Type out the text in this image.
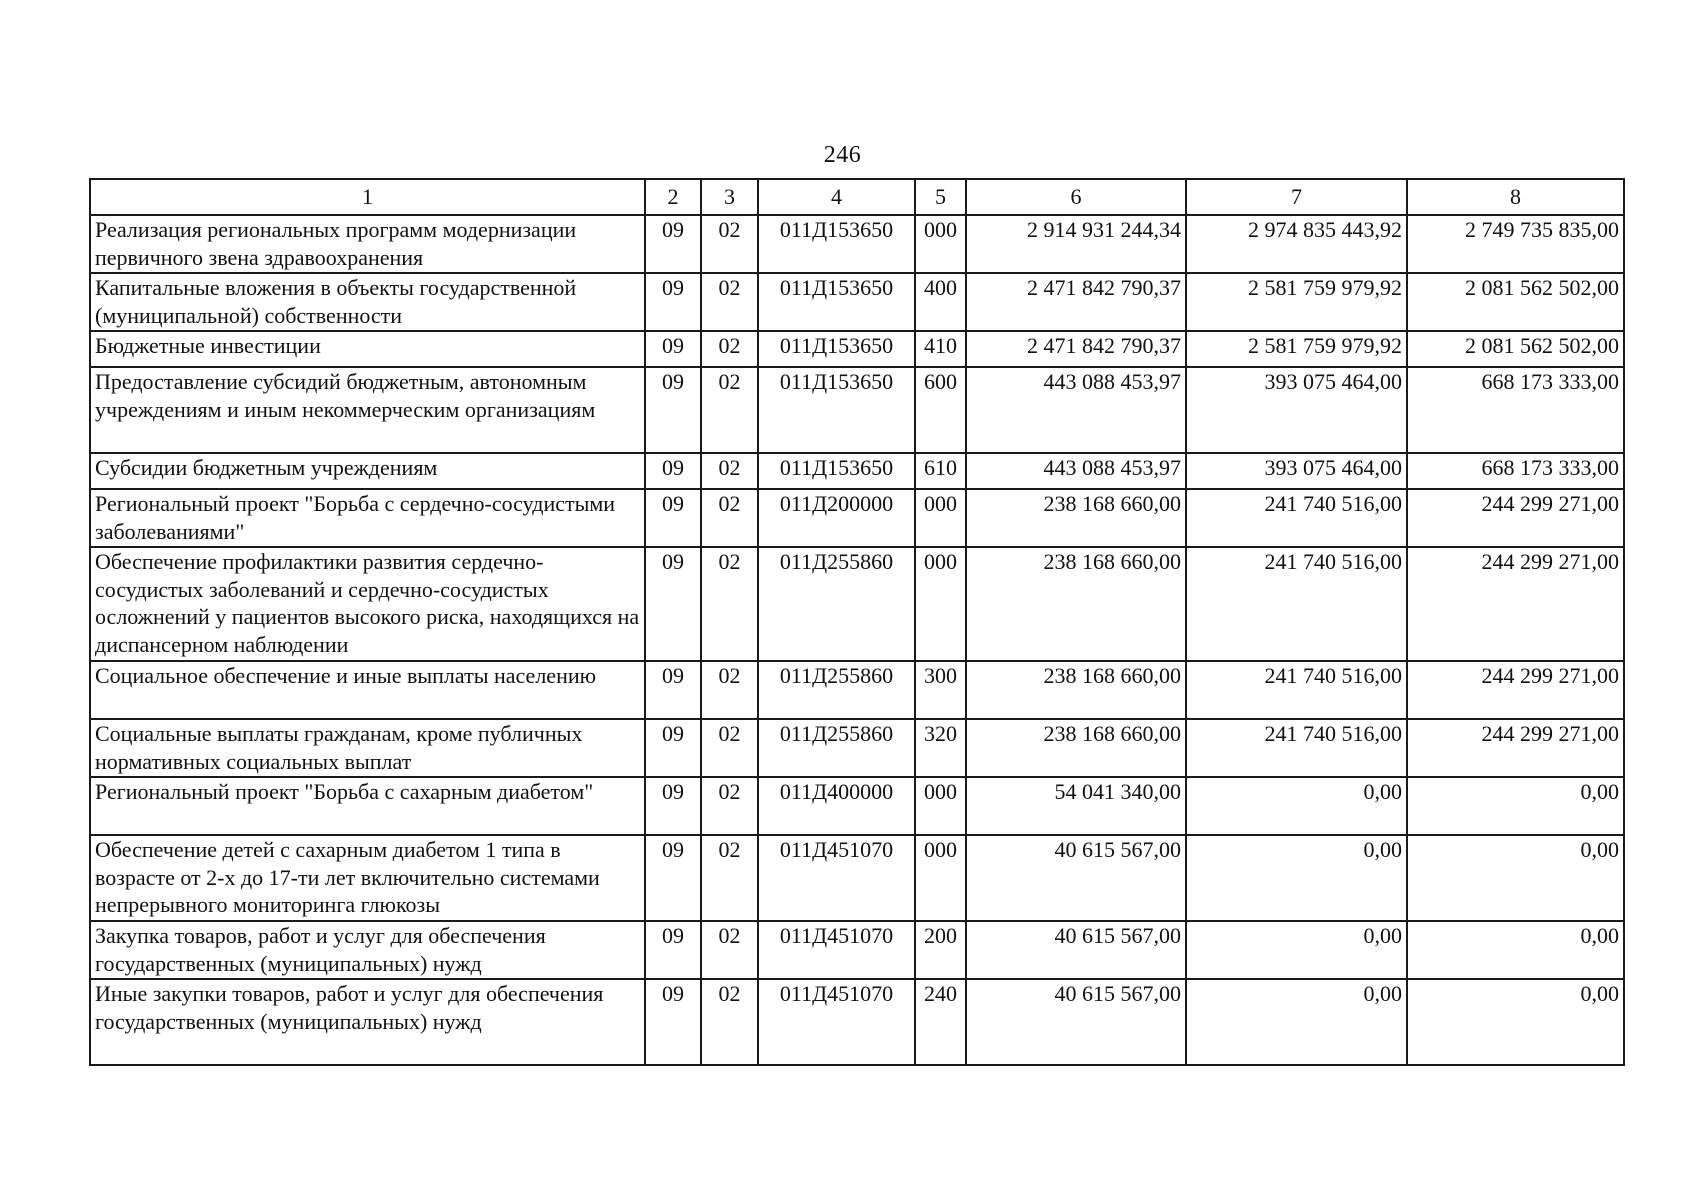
246
1	2	3	4	5	6	7	8
Реализация региональных программ модернизации первичного звена здравоохранения	09	02	011Д153650	000	2 914 931 244,34	2 974 835 443,92	2 749 735 835,00
Капитальные вложения в объекты государственной (муниципальной) собственности	09	02	011Д153650	400	2 471 842 790,37	2 581 759 979,92	2 081 562 502,00
Бюджетные инвестиции	09	02	011Д153650	410	2 471 842 790,37	2 581 759 979,92	2 081 562 502,00
Предоставление субсидий бюджетным, автономным учреждениям и иным некоммерческим организациям	09	02	011Д153650	600	443 088 453,97	393 075 464,00	668 173 333,00
Субсидии бюджетным учреждениям	09	02	011Д153650	610	443 088 453,97	393 075 464,00	668 173 333,00
Региональный проект "Борьба с сердечно-сосудистыми заболеваниями"	09	02	011Д200000	000	238 168 660,00	241 740 516,00	244 299 271,00
Обеспечение профилактики развития сердечно-сосудистых заболеваний и сердечно-сосудистых осложнений у пациентов высокого риска, находящихся на диспансерном наблюдении	09	02	011Д255860	000	238 168 660,00	241 740 516,00	244 299 271,00
Социальное обеспечение и иные выплаты населению	09	02	011Д255860	300	238 168 660,00	241 740 516,00	244 299 271,00
Социальные выплаты гражданам, кроме публичных нормативных социальных выплат	09	02	011Д255860	320	238 168 660,00	241 740 516,00	244 299 271,00
Региональный проект "Борьба с сахарным диабетом"	09	02	011Д400000	000	54 041 340,00	0,00	0,00
Обеспечение детей с сахарным диабетом 1 типа в возрасте от 2-х до 17-ти лет включительно системами непрерывного мониторинга глюкозы	09	02	011Д451070	000	40 615 567,00	0,00	0,00
Закупка товаров, работ и услуг для обеспечения государственных (муниципальных) нужд	09	02	011Д451070	200	40 615 567,00	0,00	0,00
Иные закупки товаров, работ и услуг для обеспечения государственных (муниципальных) нужд	09	02	011Д451070	240	40 615 567,00	0,00	0,00
